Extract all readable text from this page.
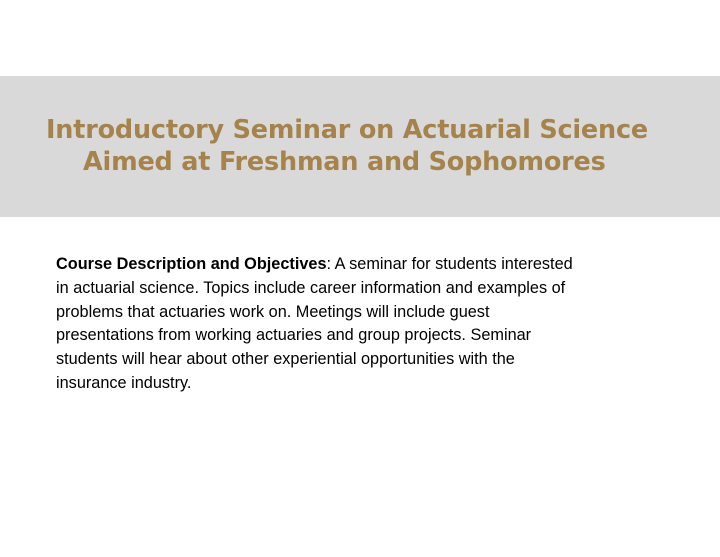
Introductory Seminar on Actuarial Science
Aimed at Freshman and Sophomores

Course Description and Objectives: A seminar for students interested
in actuarial science. Topics include career information and examples of
problems that actuaries work on. Meetings will include guest
presentations from working actuaries and group projects. Seminar
students will hear about other experiential opportunities with the
insurance industry.
